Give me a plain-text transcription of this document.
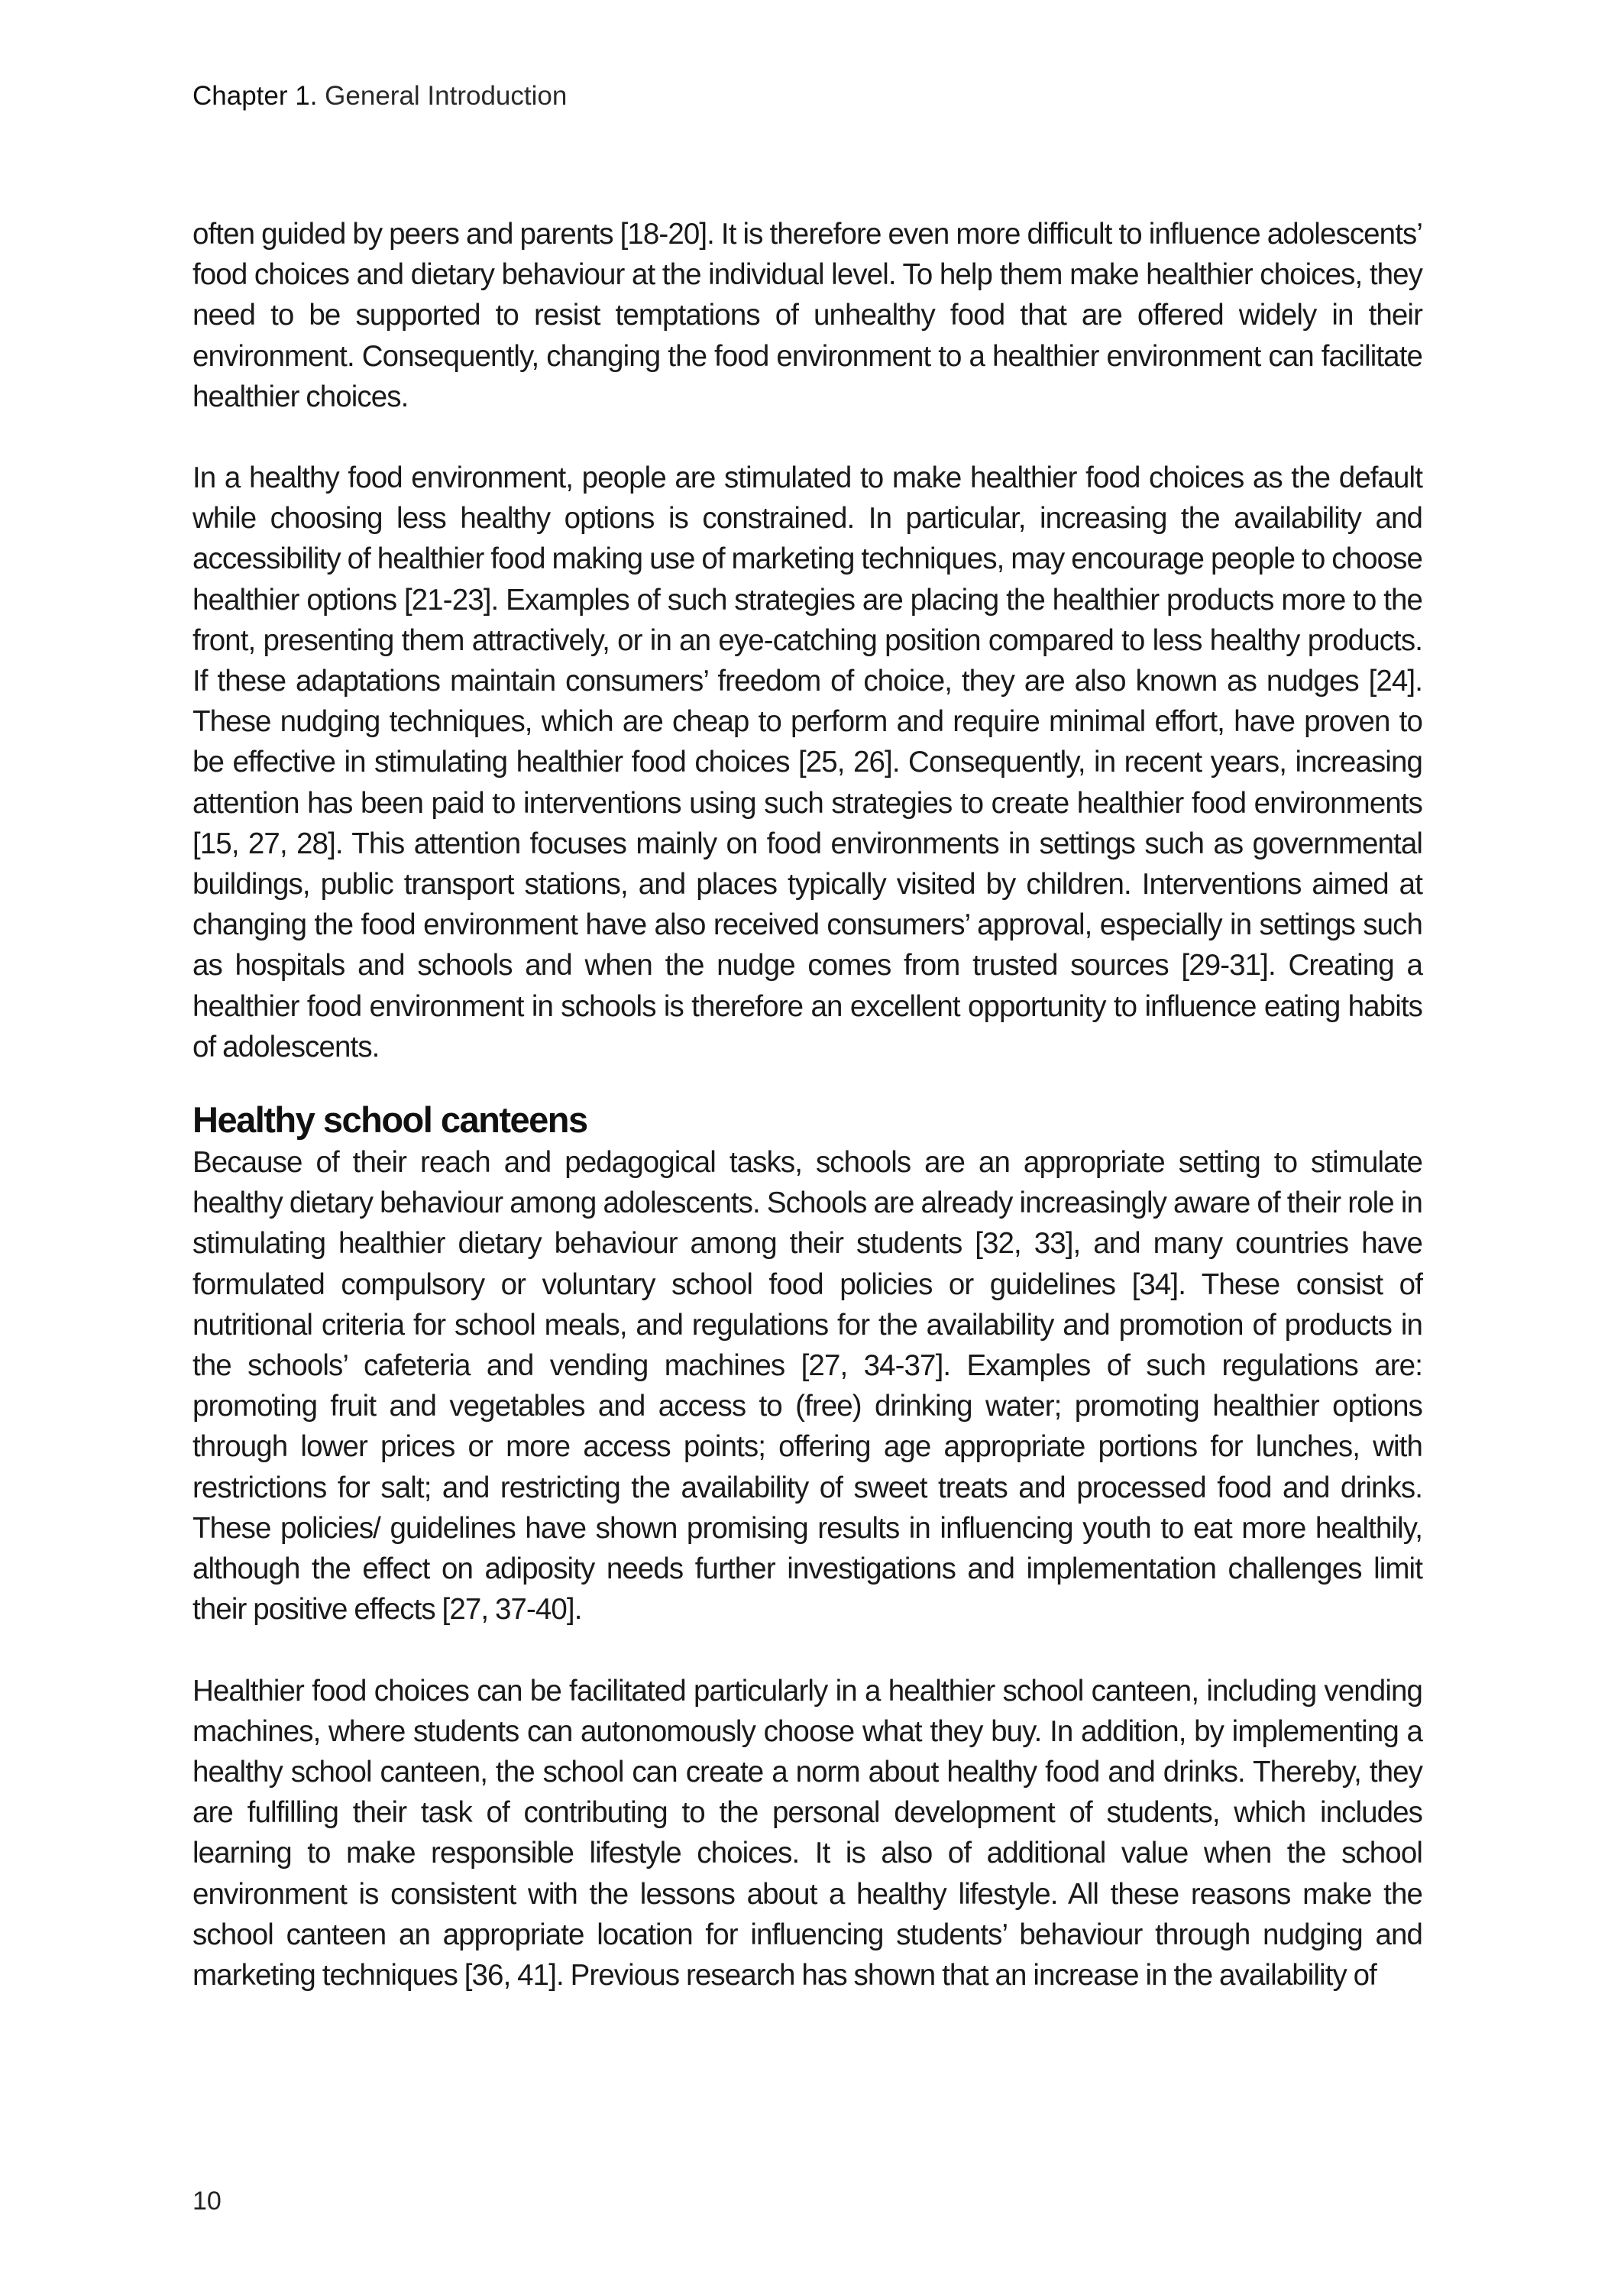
Chapter 1. General Introduction

often guided by peers and parents [18-20]. It is therefore even more difficult to influence adolescents’ food choices and dietary behaviour at the individual level. To help them make healthier choices, they need to be supported to resist temptations of unhealthy food that are offered widely in their environment. Consequently, changing the food environment to a healthier environment can facilitate healthier choices.

In a healthy food environment, people are stimulated to make healthier food choices as the default while choosing less healthy options is constrained. In particular, increasing the availability and accessibility of healthier food making use of marketing techniques, may encourage people to choose healthier options [21-23]. Examples of such strategies are placing the healthier products more to the front, presenting them attractively, or in an eye-catching position compared to less healthy products. If these adaptations maintain consumers’ freedom of choice, they are also known as nudges [24]. These nudging techniques, which are cheap to perform and require minimal effort, have proven to be effective in stimulating healthier food choices [25, 26]. Consequently, in recent years, increasing attention has been paid to interventions using such strategies to create healthier food environments [15, 27, 28]. This attention focuses mainly on food environments in settings such as governmental buildings, public transport stations, and places typically visited by children. Interventions aimed at changing the food environment have also received consumers’ approval, especially in settings such as hospitals and schools and when the nudge comes from trusted sources [29-31]. Creating a healthier food environment in schools is therefore an excellent opportunity to influence eating habits of adolescents.

Healthy school canteens

Because of their reach and pedagogical tasks, schools are an appropriate setting to stimulate healthy dietary behaviour among adolescents. Schools are already increasingly aware of their role in stimulating healthier dietary behaviour among their students [32, 33], and many countries have formulated compulsory or voluntary school food policies or guidelines [34]. These consist of nutritional criteria for school meals, and regulations for the availability and promotion of products in the schools’ cafeteria and vending machines [27, 34-37]. Examples of such regulations are: promoting fruit and vegetables and access to (free) drinking water; promoting healthier options through lower prices or more access points; offering age appropriate portions for lunches, with restrictions for salt; and restricting the availability of sweet treats and processed food and drinks. These policies/ guidelines have shown promising results in influencing youth to eat more healthily, although the effect on adiposity needs further investigations and implementation challenges limit their positive effects [27, 37-40].

Healthier food choices can be facilitated particularly in a healthier school canteen, including vending machines, where students can autonomously choose what they buy. In addition, by implementing a healthy school canteen, the school can create a norm about healthy food and drinks. Thereby, they are fulfilling their task of contributing to the personal development of students, which includes learning to make responsible lifestyle choices. It is also of additional value when the school environment is consistent with the lessons about a healthy lifestyle. All these reasons make the school canteen an appropriate location for influencing students’ behaviour through nudging and marketing techniques [36, 41]. Previous research has shown that an increase in the availability of

10
